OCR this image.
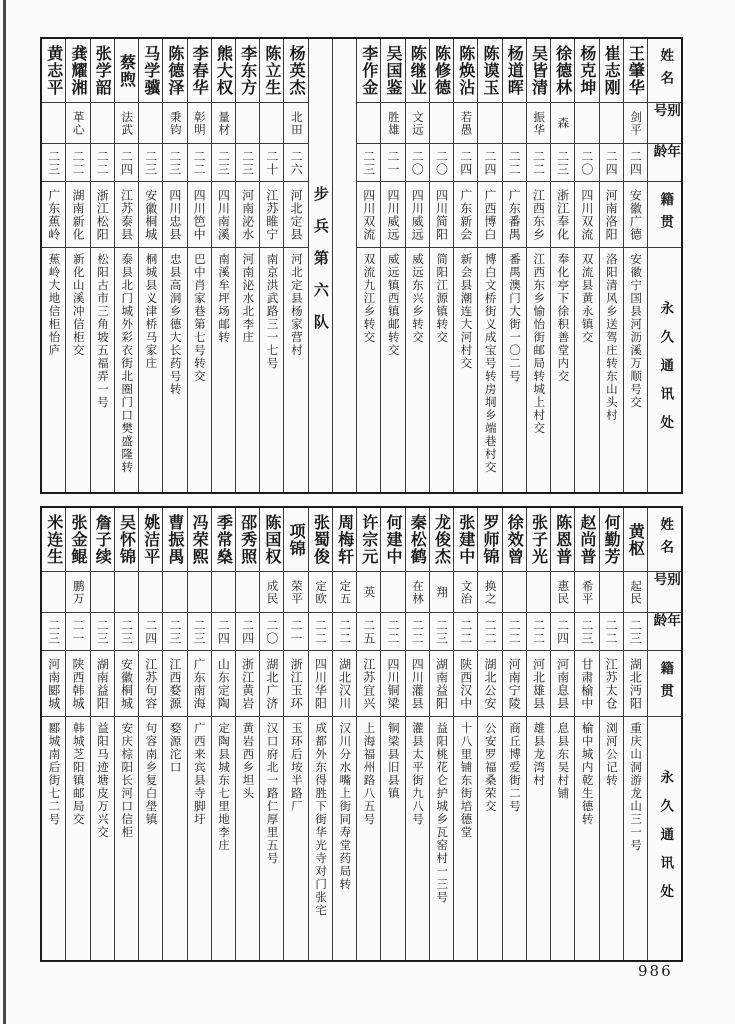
姓名
别号
年龄
籍贯
永久通讯处
王肇华
剑平
二四
安徽广德
安徽宁国县河沥溪万顺号交
崔志刚
二四
河南洛阳
洛阳清风乡送驾庄转东山头村
杨克坤
二〇
四川双流
双流县黄永镇交
徐德林
森
二三
浙江奉化
奉化亭下徐积善堂内交
吴皆清
振华
二二
江西东乡
江西东乡愉怡街邮局转城上村交
杨道晖
二二
广东番禺
番禺澳门大街一〇二号
陈谟玉
二四
广西博白
博白文桥街义成宝号转房垌乡端巷村交
陈焕沾
若愚
二四
广东新会
新会县潮连大河村交
陈修德
二〇
四川简阳
简阳江源镇转交
陈继业
文远
二〇
四川威远
威远东兴乡转交
吴国鉴
胜雄
二一
四川威远
威远镇西镇邮转交
李作金
二三
四川双流
双流九江乡转交
步兵第六队
杨英杰
北田
二六
河北定县
河北定县杨家营村
陈立生
二十
江苏睢宁
南京洪武路三一七号
李东方
二三
河南泌水
河南泌水北李庄
熊大权
量材
二三
四川南溪
南溪牟坪场邮转
李春华
彰明
二二
四川笆中
巴中肖家巷第七号转交
陈德泽
秉钧
二三
四川忠县
忠县高洞乡德大长药号转
马学骥
二三
安徽桐城
桐城县义津桥马家庄
蔡煦
法武
二四
江苏泰县
泰县北门城外彩衣街北圈门口樊盛隆转
张学韶
二二
浙江松阳
松阳古市三角坡五福弄一号
龚耀湘
革心
二二
湖南新化
新化山溪冲信柜交
黄志平
二三
广东蕉岭
蕉岭大地信柜怡庐
姓名
别号
年龄
籍贯
永久通讯处
黄枢
起民
二三
湖北沔阳
重庆山洞游龙山三一号
何勤芳
二二
江苏太仓
浏河公记转
赵尚普
希平
二三
甘肃榆中
榆中城内乾生德转
陈恩普
惠民
二四
河南息县
息县东吴村铺
张子光
二二
河北雄县
雄县龙湾村
徐效曾
二二
河南宁陵
商丘博爱街二号
罗师锦
换之
二二
湖北公安
公安罗福桑荣交
张建中
文治
二二
陕西汉中
十八里铺东街培德堂
龙俊杰
翔
二三
湖南益阳
益阳桃花仑护城乡瓦窑村一三号
秦松鹤
在林
二二
四川灌县
灌县太平街九八号
何建中
二二
四川铜梁
铜梁县旧县镇
许宗元
英
二五
江苏宜兴
上海福州路八五号
周梅轩
定五
二二
湖北汉川
汉川分水嘴上街同寿堂药局转
张蜀俊
定欧
二二
四川华阳
成都外东得胜下街华光寺对门张宅
项锦
荣平
二一
浙江玉环
玉环后垵半路厂
陈国权
成民
二〇
湖北广济
汉口府北一路仁厚里五号
邵秀照
二四
浙江黄岩
黄岩西乡坦头
季常燊
二四
山东定陶
定陶县城东七里地李庄
冯荣熙
二三
广东南海
广西来宾县寺脚圩
曹振禺
二三
江西婺源
婺源沱口
姚洁平
二四
江苏句容
句容南乡复白壆镇
吴怀锦
二三
安徽桐城
安庆棕阳长河口信柜
詹子续
二三
湖南益阳
益阳马迹塘皮万兴交
张金鲲
鹏万
二一
陕西韩城
韩城芝阳镇邮局交
米连生
二三
河南郾城
郾城南后街七二号
986
